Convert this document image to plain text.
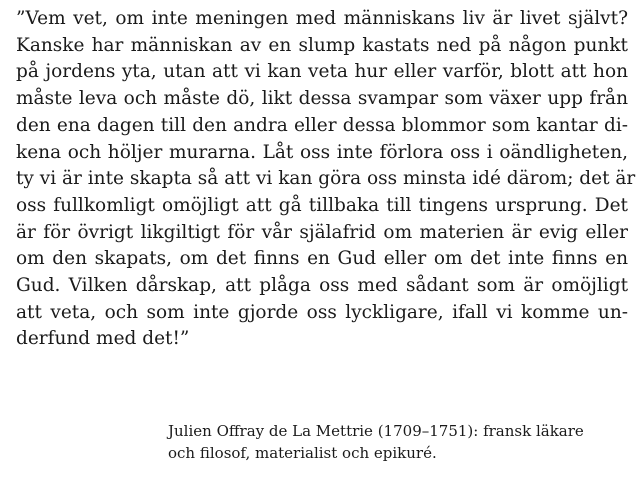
”Vem vet, om inte meningen med människans liv är livet självt?
Kanske har människan av en slump kastats ned på någon punkt
på jordens yta, utan att vi kan veta hur eller varför, blott att hon
måste leva och måste dö, likt dessa svampar som växer upp från
den ena dagen till den andra eller dessa blommor som kantar di-
kena och höljer murarna. Låt oss inte förlora oss i oändligheten,
ty vi är inte skapta så att vi kan göra oss minsta idé därom; det är
oss fullkomligt omöjligt att gå tillbaka till tingens ursprung. Det
är för övrigt likgiltigt för vår själafrid om materien är evig eller
om den skapats, om det finns en Gud eller om det inte finns en
Gud. Vilken dårskap, att plåga oss med sådant som är omöjligt
att veta, och som inte gjorde oss lyckligare, ifall vi komme un-
derfund med det!”
Julien Offray de La Mettrie (1709–1751): fransk läkare
och filosof, materialist och epikuré.
